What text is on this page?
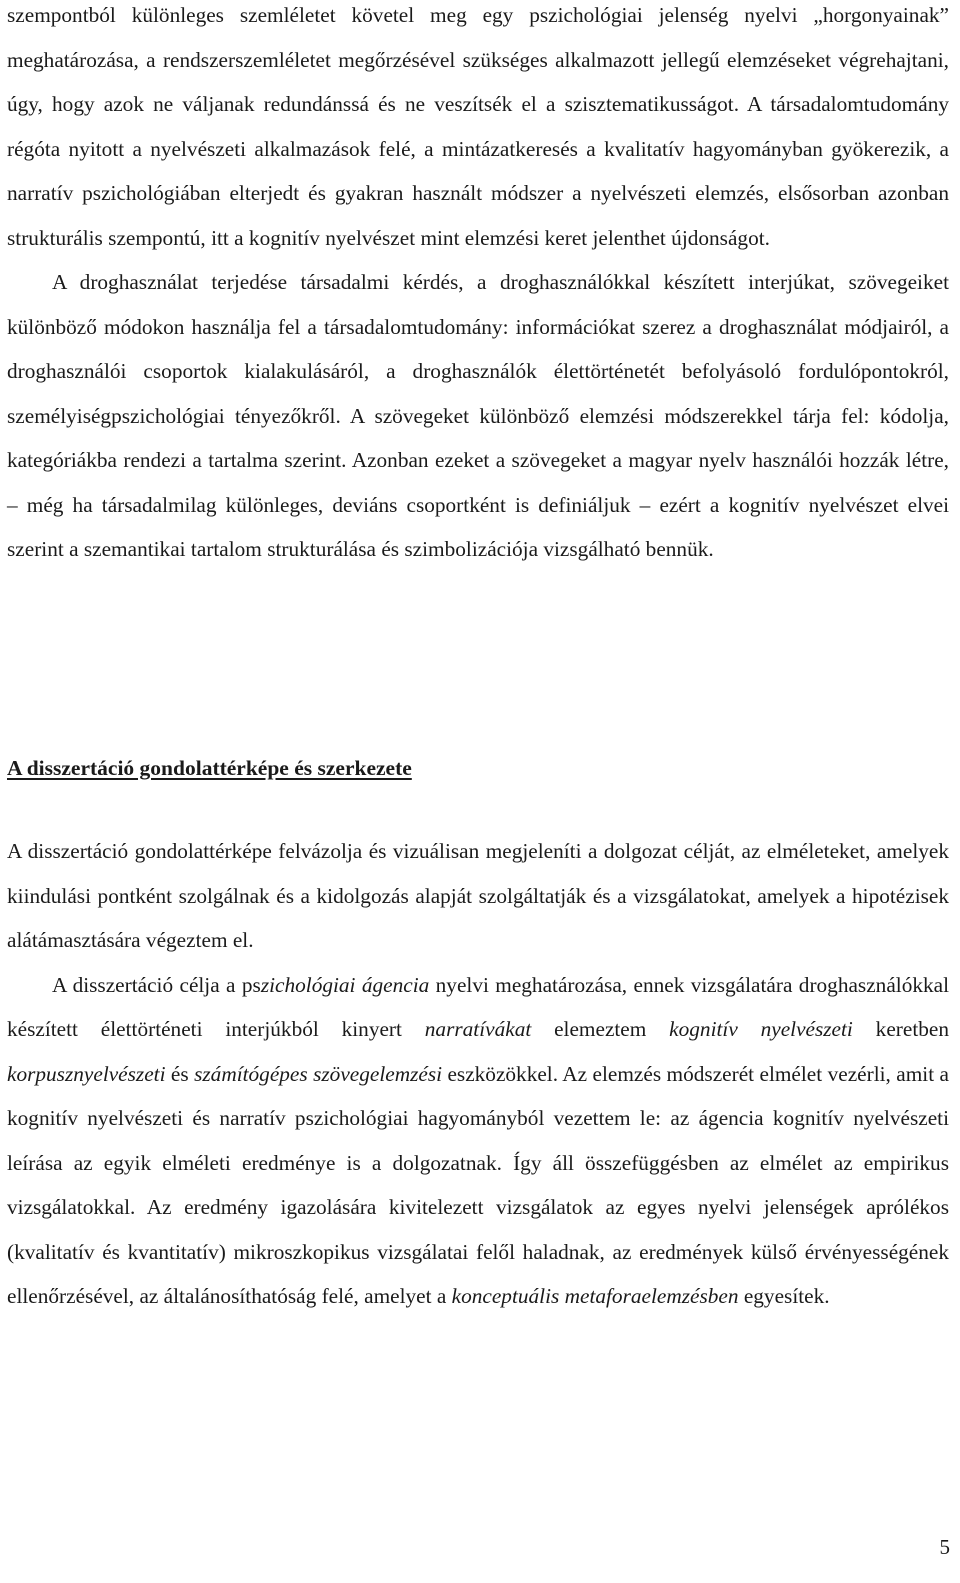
szempontból különleges szemléletet követel meg egy pszichológiai jelenség nyelvi „horgonyainak” meghatározása, a rendszerszemléletet megőrzésével szükséges alkalmazott jellegű elemzéseket végrehajtani, úgy, hogy azok ne váljanak redundánssá és ne veszítsék el a szisztematikusságot. A társadalomtudomány régóta nyitott a nyelvészeti alkalmazások felé, a mintázatkeresés a kvalitatív hagyományban gyökerezik, a narratív pszichológiában elterjedt és gyakran használt módszer a nyelvészeti elemzés, elsősorban azonban strukturális szempontú, itt a kognitív nyelvészet mint elemzési keret jelenthet újdonságot.

A droghasználat terjedése társadalmi kérdés, a droghasználókkal készített interjúkat, szövegeiket különböző módokon használja fel a társadalomtudomány: információkat szerez a droghasználat módjairól, a droghasználói csoportok kialakulásáról, a droghasználók élettörténetét befolyásoló fordulópontokról, személyiségpszichológiai tényezőkről. A szövegeket különböző elemzési módszerekkel tárja fel: kódolja, kategóriákba rendezi a tartalma szerint. Azonban ezeket a szövegeket a magyar nyelv használói hozzák létre, – még ha társadalmilag különleges, deviáns csoportként is definiáljuk – ezért a kognitív nyelvészet elvei szerint a szemantikai tartalom strukturálása és szimbolizációja vizsgálható bennük.

A disszertáció gondolattérképe és szerkezete

A disszertáció gondolattérképe felvázolja és vizuálisan megjeleníti a dolgozat célját, az elméleteket, amelyek kiindulási pontként szolgálnak és a kidolgozás alapját szolgáltatják és a vizsgálatokat, amelyek a hipotézisek alátámasztására végeztem el.

A disszertáció célja a pszichológiai ágencia nyelvi meghatározása, ennek vizsgálatára droghasználókkal készített élettörténeti interjúkból kinyert narratívákat elemeztem kognitív nyelvészeti keretben korpusznyelvészeti és számítógépes szövegelemzési eszközökkel. Az elemzés módszerét elmélet vezérli, amit a kognitív nyelvészeti és narratív pszichológiai hagyományból vezettem le: az ágencia kognitív nyelvészeti leírása az egyik elméleti eredménye is a dolgozatnak. Így áll összefüggésben az elmélet az empirikus vizsgálatokkal. Az eredmény igazolására kivitelezett vizsgálatok az egyes nyelvi jelenségek aprólékos (kvalitatív és kvantitatív) mikroszkopikus vizsgálatai felől haladnak, az eredmények külső érvényességének ellenőrzésével, az általánosíthatóság felé, amelyet a konceptuális metaforaelemzésben egyesítek.

5
